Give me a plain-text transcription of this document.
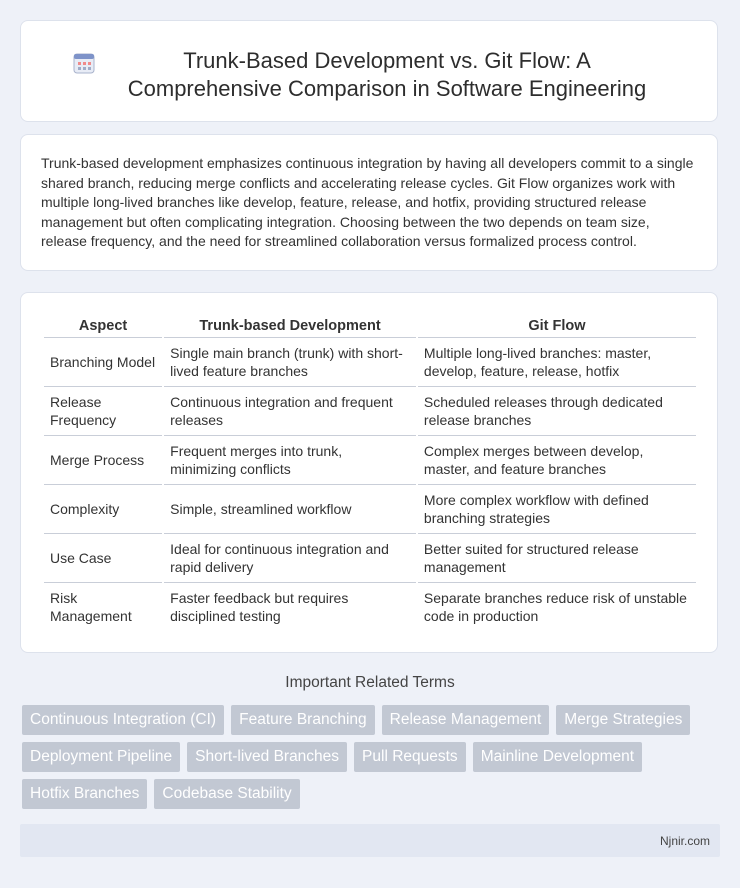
Trunk-Based Development vs. Git Flow: A Comprehensive Comparison in Software Engineering

Trunk-based development emphasizes continuous integration by having all developers commit to a single shared branch, reducing merge conflicts and accelerating release cycles. Git Flow organizes work with multiple long-lived branches like develop, feature, release, and hotfix, providing structured release management but often complicating integration. Choosing between the two depends on team size, release frequency, and the need for streamlined collaboration versus formalized process control.

Aspect	Trunk-based Development	Git Flow
Branching Model	Single main branch (trunk) with short-lived feature branches	Multiple long-lived branches: master, develop, feature, release, hotfix
Release Frequency	Continuous integration and frequent releases	Scheduled releases through dedicated release branches
Merge Process	Frequent merges into trunk, minimizing conflicts	Complex merges between develop, master, and feature branches
Complexity	Simple, streamlined workflow	More complex workflow with defined branching strategies
Use Case	Ideal for continuous integration and rapid delivery	Better suited for structured release management
Risk Management	Faster feedback but requires disciplined testing	Separate branches reduce risk of unstable code in production
Important Related Terms
Continuous Integration (CI)	Feature Branching	Release Management	Merge Strategies
Deployment Pipeline	Short-lived Branches	Pull Requests	Mainline Development
Hotfix Branches	Codebase Stability
Njnir.com
